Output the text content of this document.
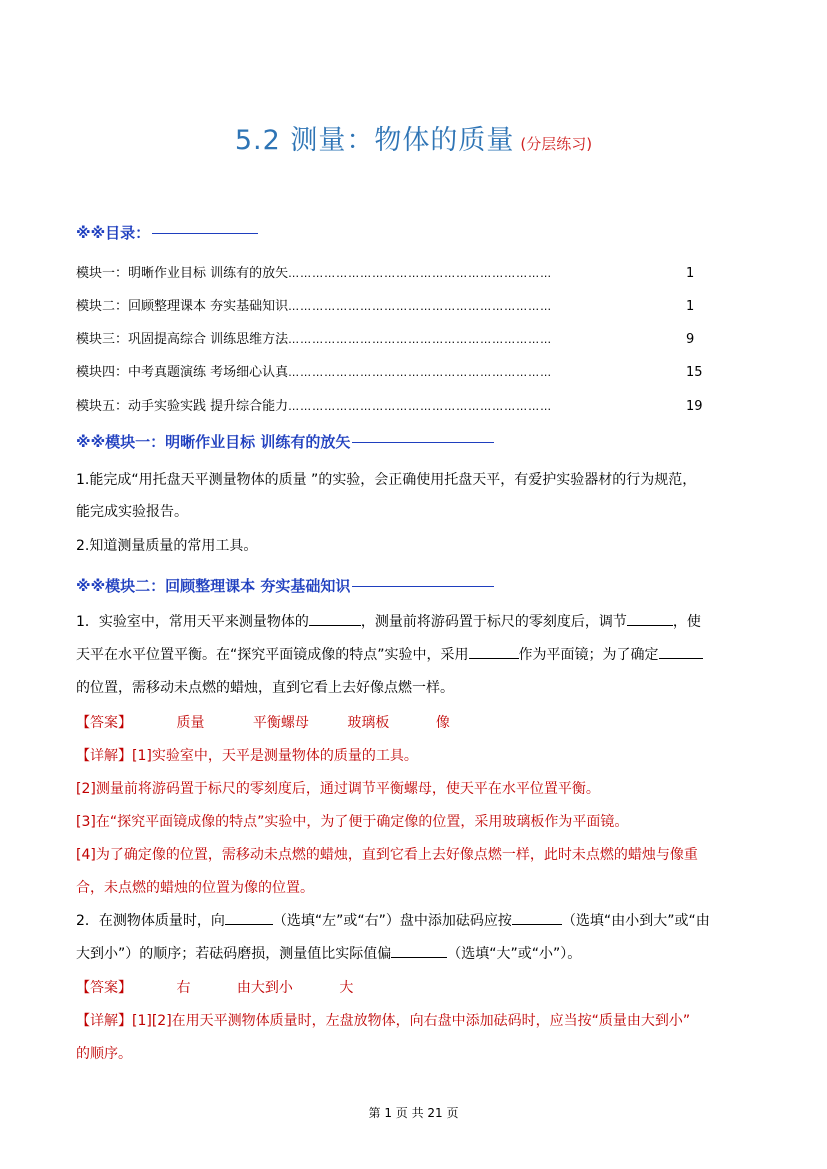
5.2 测量：物体的质量 (分层练习)
※※目录：
模块一：明晰作业目标 训练有的放矢 …………………………………………………………	1
模块二：回顾整理课本 夯实基础知识 …………………………………………………………	1
模块三：巩固提高综合 训练思维方法 …………………………………………………………	9
模块四：中考真题演练 考场细心认真 …………………………………………………………	15
模块五：动手实验实践 提升综合能力 …………………………………………………………	19
※※模块一：明晰作业目标 训练有的放矢
1.能完成“用托盘天平测量物体的质量 ”的实验，会正确使用托盘天平，有爱护实验器材的行为规范，
能完成实验报告。
2.知道测量质量的常用工具。
※※模块二：回顾整理课本 夯实基础知识
1．实验室中，常用天平来测量物体的	，测量前将游码置于标尺的零刻度后，调节	，使
天平在水平位置平衡。在“探究平面镜成像的特点”实验中，采用	作为平面镜；为了确定
的位置，需移动未点燃的蜡烛，直到它看上去好像点燃一样。
【答案】	质量	平衡螺母	玻璃板	像
【详解】[1]实验室中，天平是测量物体的质量的工具。
[2]测量前将游码置于标尺的零刻度后，通过调节平衡螺母，使天平在水平位置平衡。
[3]在“探究平面镜成像的特点”实验中，为了便于确定像的位置，采用玻璃板作为平面镜。
[4]为了确定像的位置，需移动未点燃的蜡烛，直到它看上去好像点燃一样，此时未点燃的蜡烛与像重
合，未点燃的蜡烛的位置为像的位置。
2．在测物体质量时，向	（选填“左”或“右”）盘中添加砝码应按	（选填“由小到大”或“由
大到小”）的顺序；若砝码磨损，测量值比实际值偏	（选填“大”或“小”）。
【答案】	右	由大到小	大
【详解】[1][2]在用天平测物体质量时，左盘放物体，向右盘中添加砝码时，应当按“质量由大到小”
的顺序。
第 1 页 共 21 页
